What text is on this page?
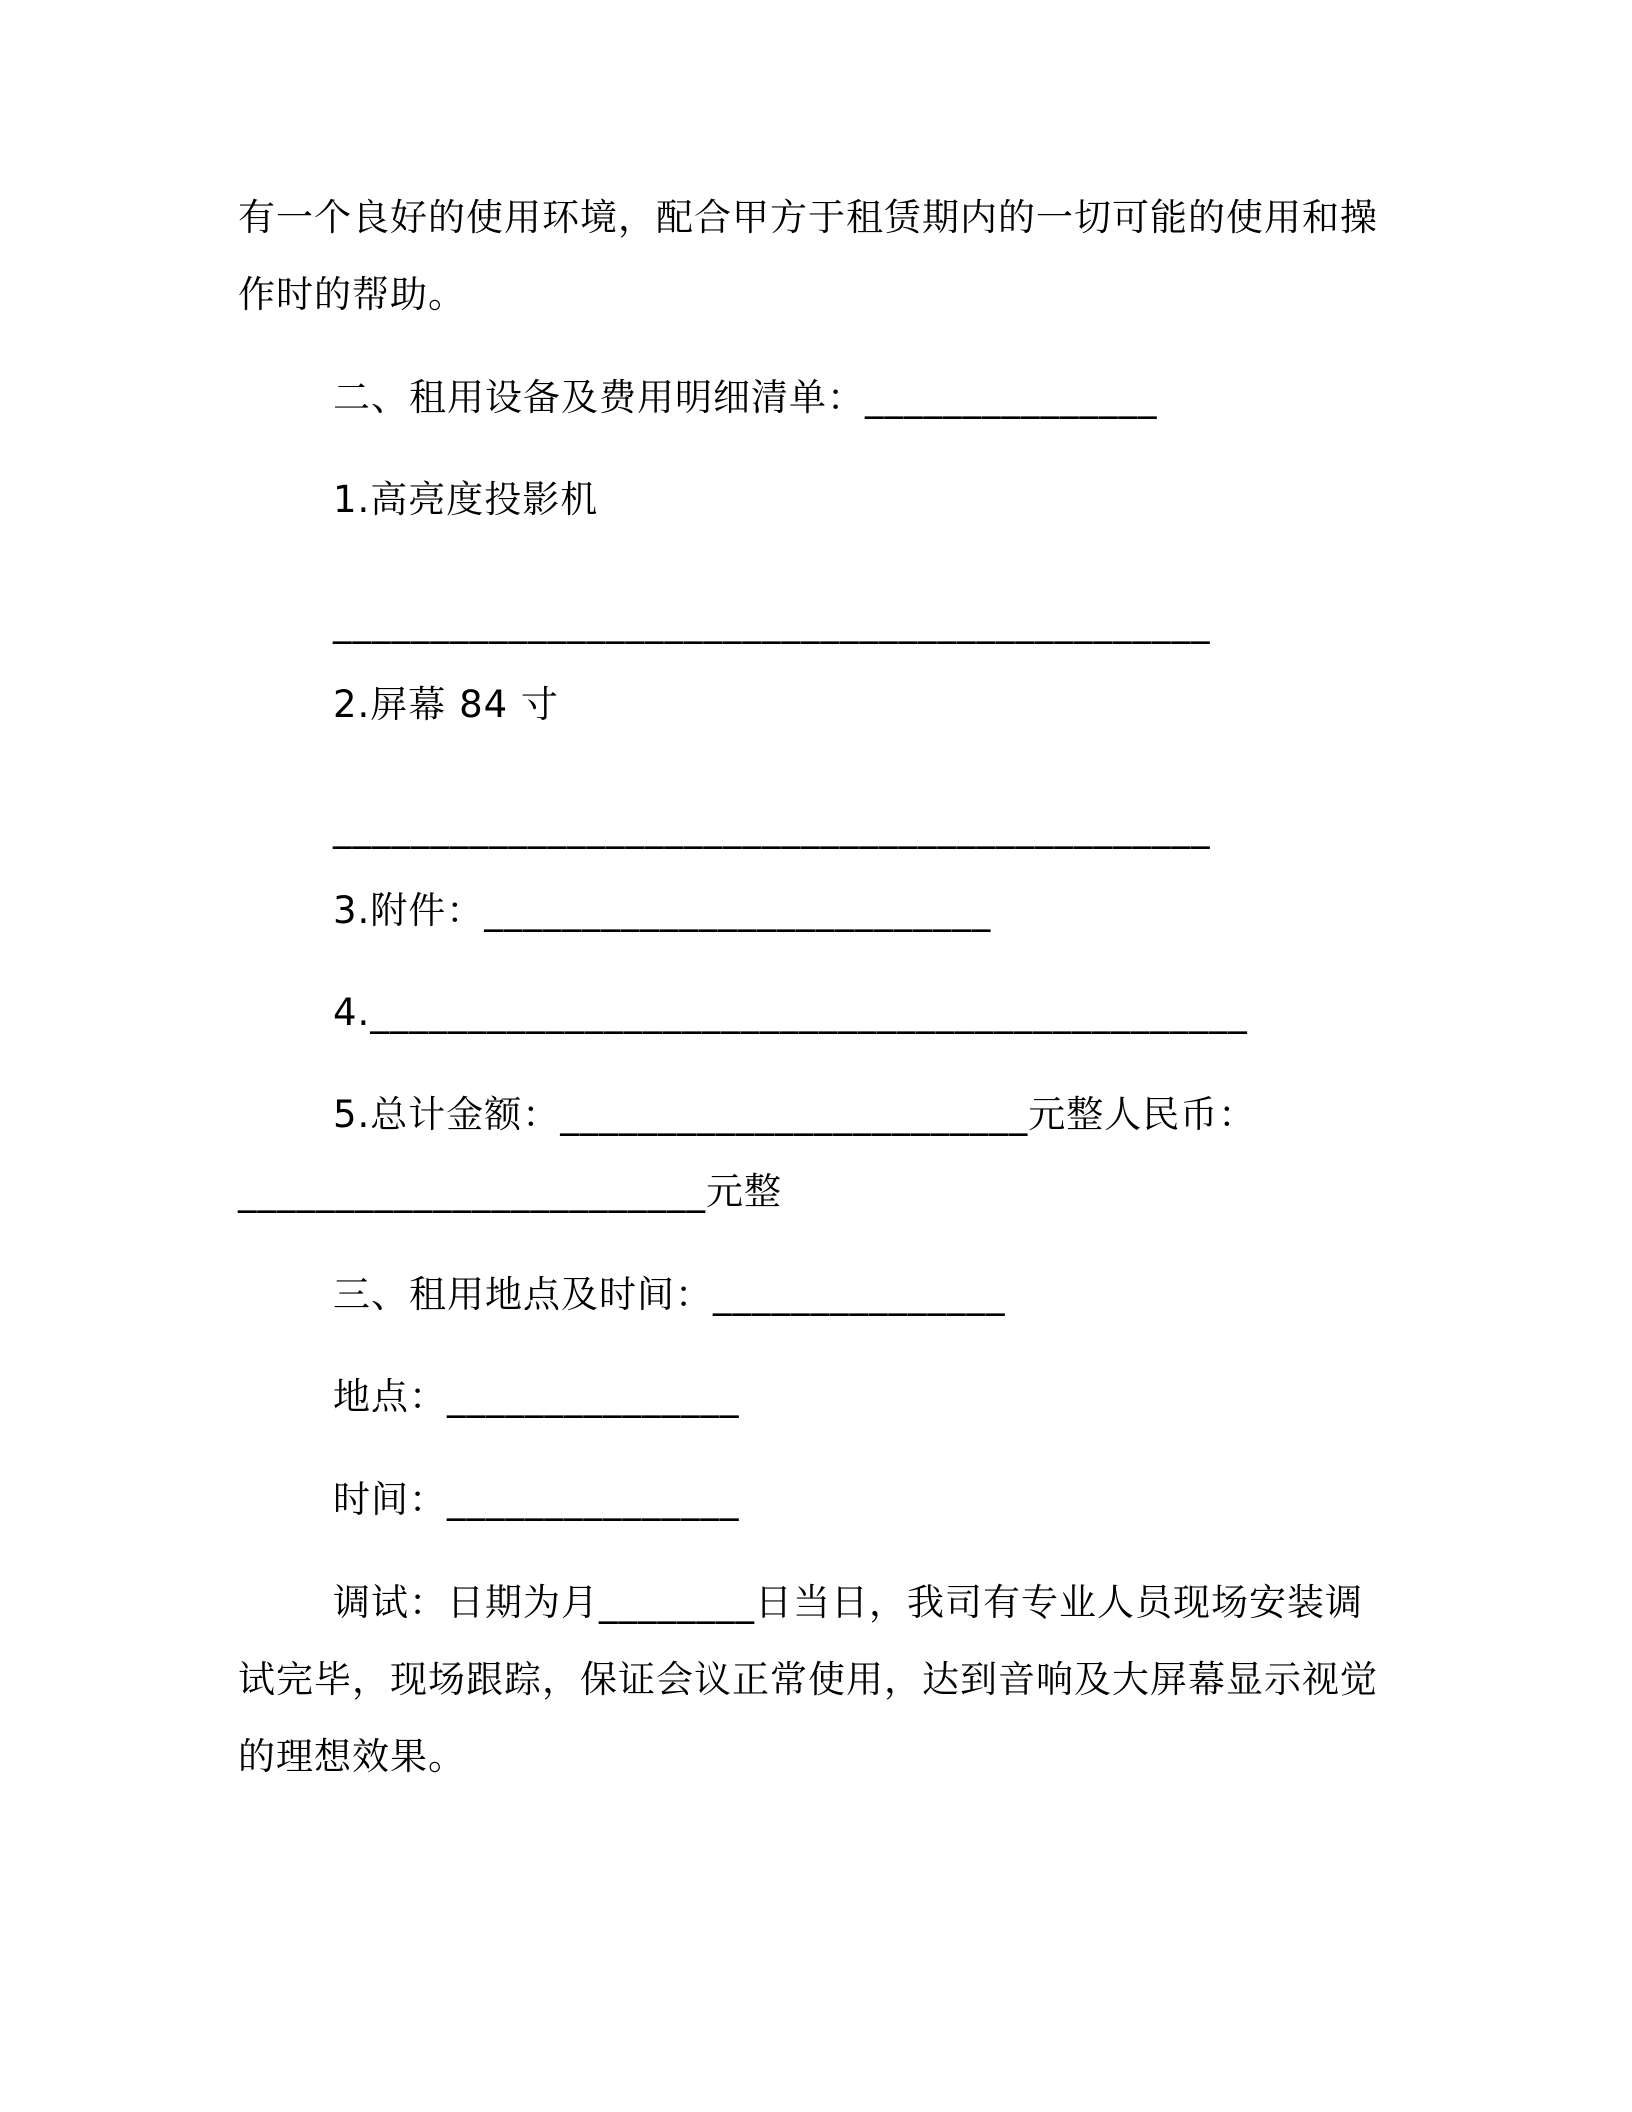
有一个良好的使用环境，配合甲方于租赁期内的一切可能的使用和操
作时的帮助。
二、租用设备及费用明细清单：_______________
1.高亮度投影机
_____________________________________________
2.屏幕 84 寸
_____________________________________________
3.附件：__________________________
4._____________________________________________
5.总计金额：________________________元整人民币：
________________________元整
三、租用地点及时间：_______________
地点：_______________
时间：_______________
调试：日期为月________日当日，我司有专业人员现场安装调
试完毕，现场跟踪，保证会议正常使用，达到音响及大屏幕显示视觉
的理想效果。
